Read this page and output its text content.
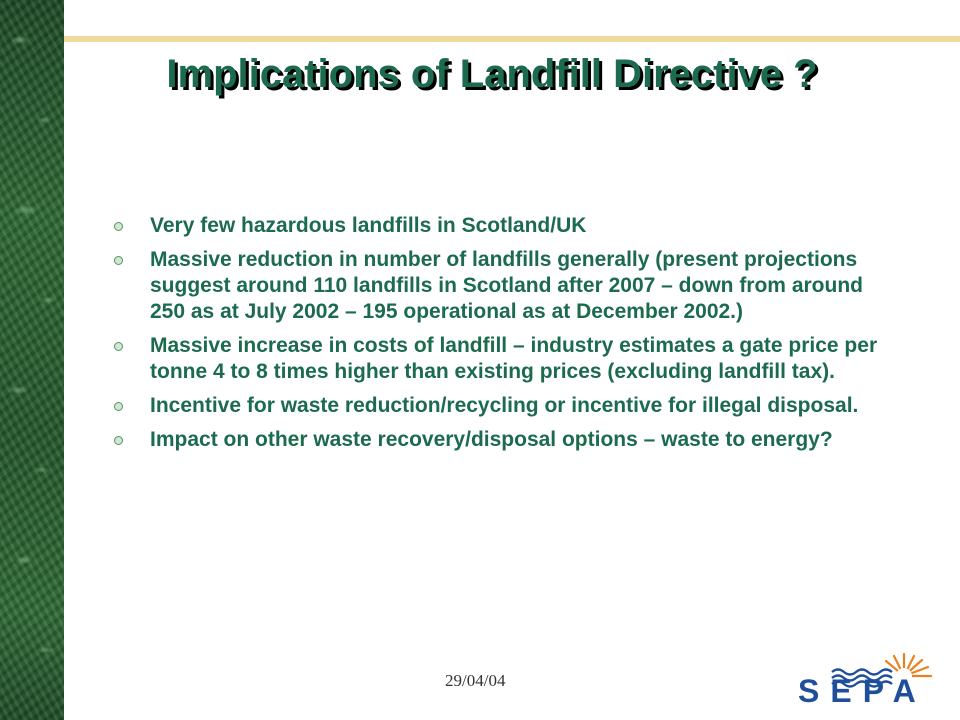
Implications of Landfill Directive ?
Very few hazardous landfills in Scotland/UK
Massive reduction in number of landfills generally (present projections suggest around 110 landfills in Scotland after 2007 – down from around 250 as at July 2002 – 195 operational as at December 2002.)
Massive increase in costs of landfill – industry estimates a gate price per tonne 4 to 8 times higher than existing prices (excluding landfill tax).
Incentive for waste reduction/recycling or incentive for illegal disposal.
Impact on other waste recovery/disposal options – waste to energy?
29/04/04	SEPA
